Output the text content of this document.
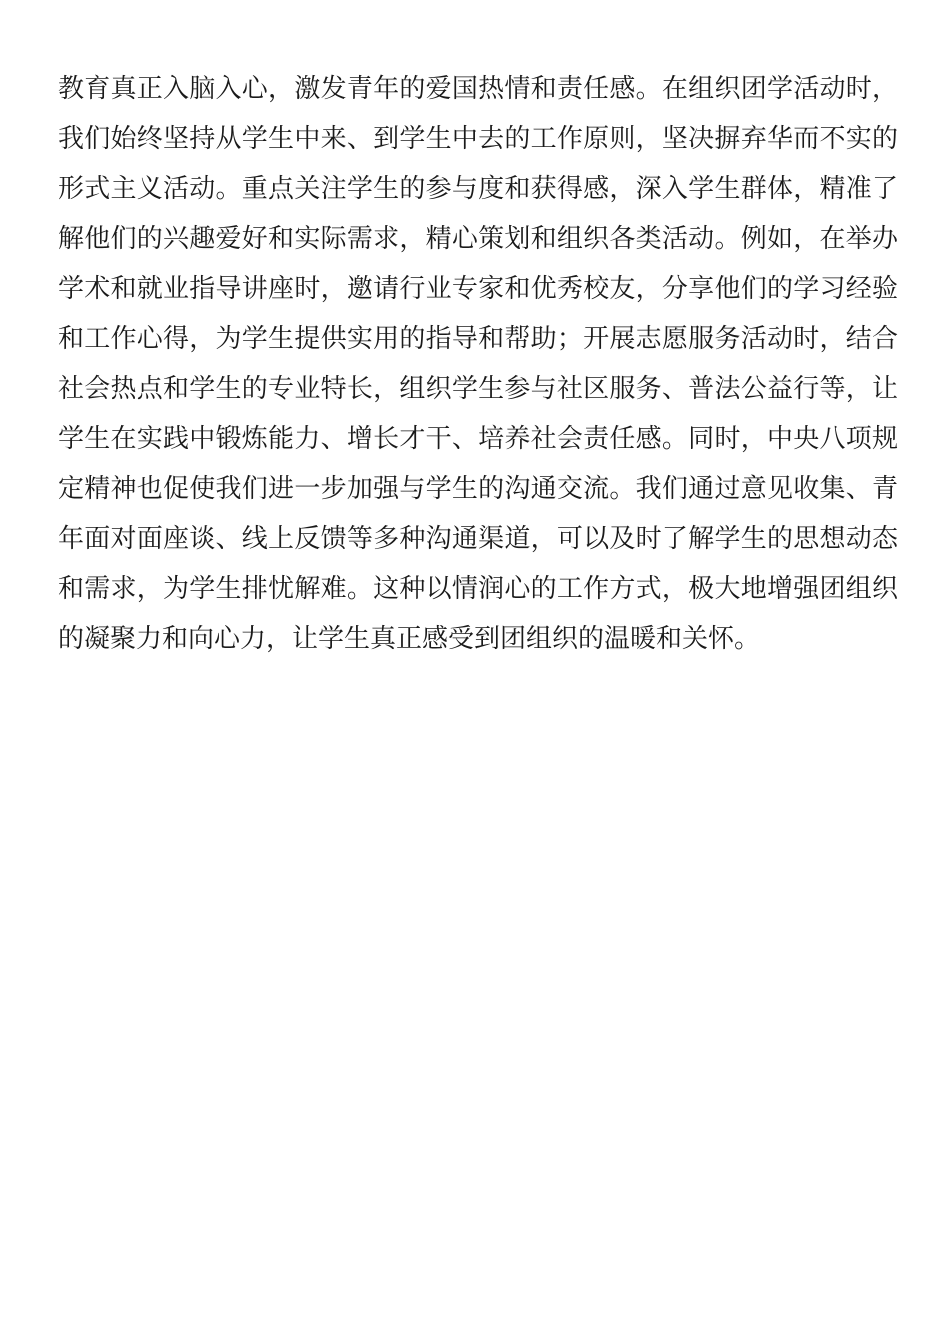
教育真正入脑入心，激发青年的爱国热情和责任感。在组织团学活动时，
我们始终坚持从学生中来、到学生中去的工作原则，坚决摒弃华而不实的
形式主义活动。重点关注学生的参与度和获得感，深入学生群体，精准了
解他们的兴趣爱好和实际需求，精心策划和组织各类活动。例如，在举办
学术和就业指导讲座时，邀请行业专家和优秀校友，分享他们的学习经验
和工作心得，为学生提供实用的指导和帮助；开展志愿服务活动时，结合
社会热点和学生的专业特长，组织学生参与社区服务、普法公益行等，让
学生在实践中锻炼能力、增长才干、培养社会责任感。同时，中央八项规
定精神也促使我们进一步加强与学生的沟通交流。我们通过意见收集、青
年面对面座谈、线上反馈等多种沟通渠道，可以及时了解学生的思想动态
和需求，为学生排忧解难。这种以情润心的工作方式，极大地增强团组织
的凝聚力和向心力，让学生真正感受到团组织的温暖和关怀。
